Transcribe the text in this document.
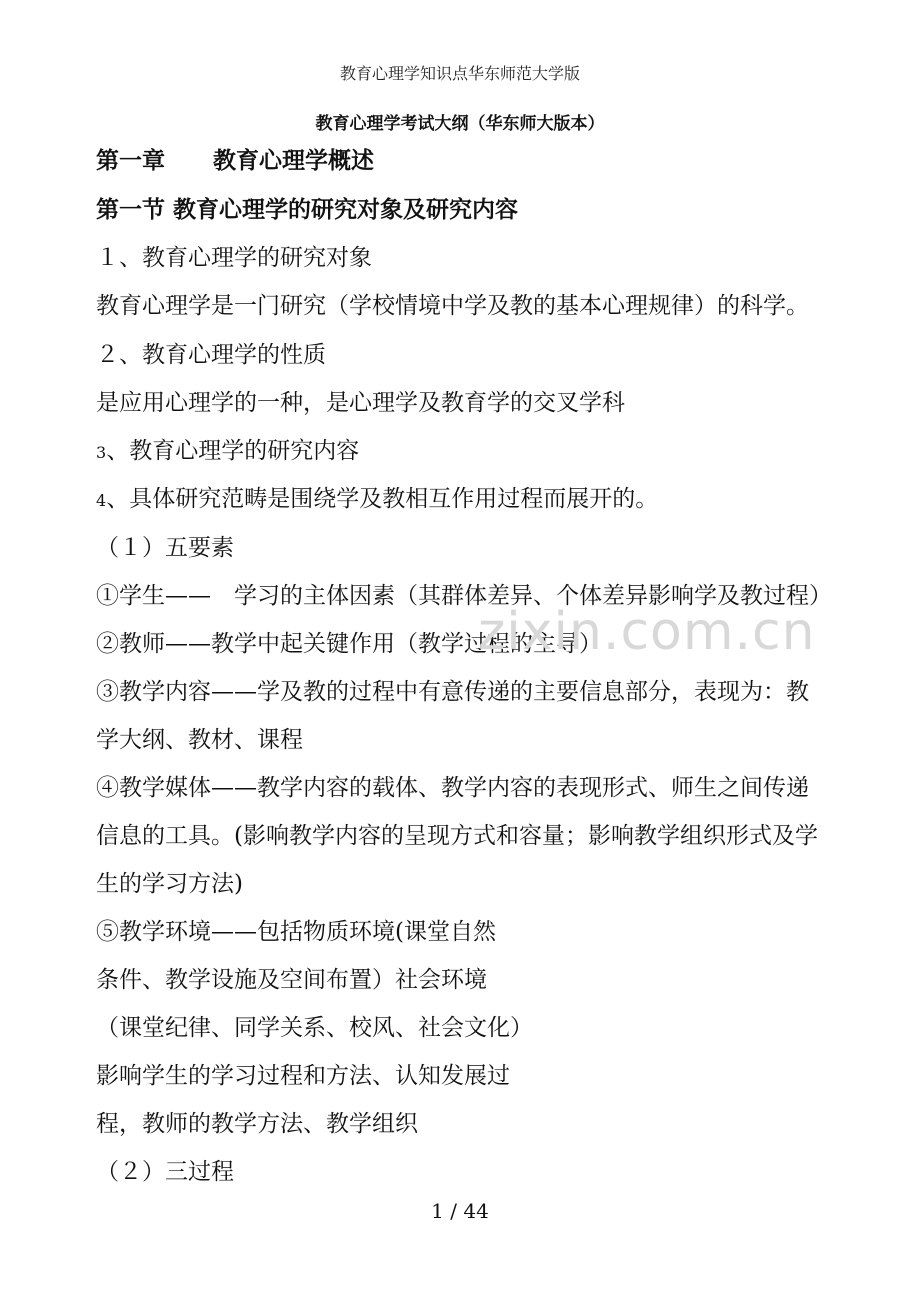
教育心理学知识点华东师范大学版
教育心理学考试大纲（华东师大版本）
第一章 教育心理学概述
第一节 教育心理学的研究对象及研究内容
１、教育心理学的研究对象
教育心理学是一门研究（学校情境中学及教的基本心理规律）的科学。
２、教育心理学的性质
是应用心理学的一种，是心理学及教育学的交叉学科
3、教育心理学的研究内容
4、具体研究范畴是围绕学及教相互作用过程而展开的。
（１）五要素
①学生——　学习的主体因素（其群体差异、个体差异影响学及教过程）
②教师——教学中起关键作用（教学过程的主导）
③教学内容——学及教的过程中有意传递的主要信息部分，表现为：教
学大纲、教材、课程
④教学媒体——教学内容的载体、教学内容的表现形式、师生之间传递
信息的工具。(影响教学内容的呈现方式和容量；影响教学组织形式及学
生的学习方法)
⑤教学环境——包括物质环境(课堂自然
条件、教学设施及空间布置）社会环境
（课堂纪律、同学关系、校风、社会文化）
影响学生的学习过程和方法、认知发展过
程，教师的教学方法、教学组织
（２）三过程
zixin.com.cn
1 / 44
